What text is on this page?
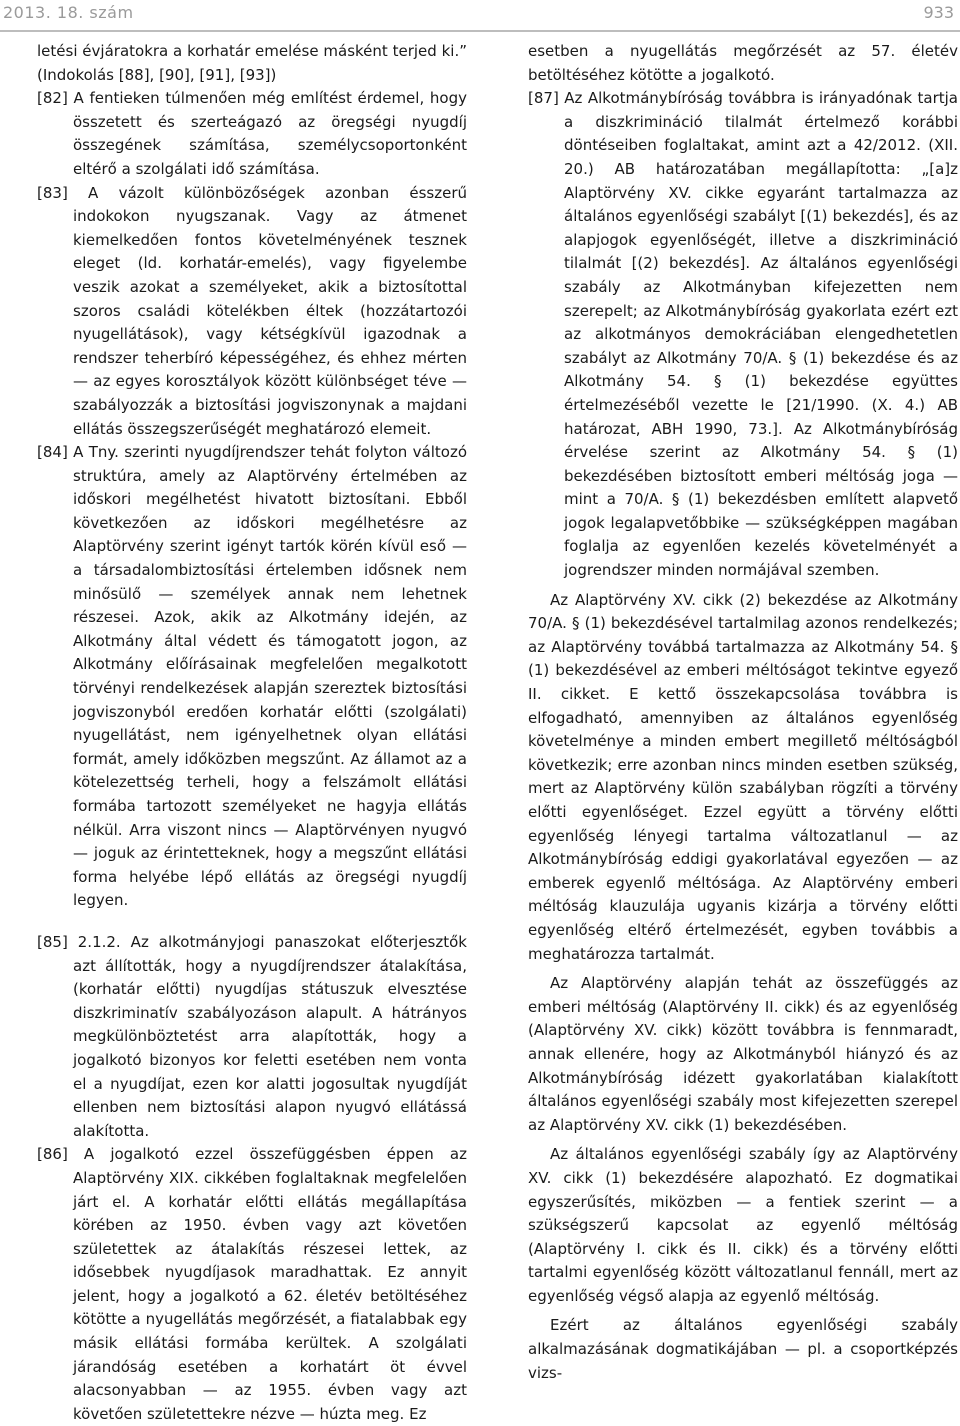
2013. 18. szám	933

letési évjáratokra a korhatár emelése másként terjed ki.” (Indokolás [88], [90], [91], [93])

[82] A fentieken túlmenően még említést érdemel, hogy összetett és szerteágazó az öregségi nyugdíj összegének számítása, személycsoportonként eltérő a szolgálati idő számítása.

[83] A vázolt különbözőségek azonban ésszerű indokokon nyugszanak. Vagy az átmenet kiemelkedően fontos követelményének tesznek eleget (ld. korhatár-emelés), vagy figyelembe veszik azokat a személyeket, akik a biztosítottal szoros családi kötelékben éltek (hozzátartozói nyugellátások), vagy kétségkívül igazodnak a rendszer teherbíró képességéhez, és ehhez mérten — az egyes korosztályok között különbséget téve — szabályozzák a biztosítási jogviszonynak a majdani ellátás összegszerűségét meghatározó elemeit.

[84] A Tny. szerinti nyugdíjrendszer tehát folyton változó struktúra, amely az Alaptörvény értelmében az időskori megélhetést hivatott biztosítani. Ebből következően az időskori megélhetésre az Alaptörvény szerint igényt tartók körén kívül eső — a társadalombiztosítási értelemben idősnek nem minősülő — személyek annak nem lehetnek részesei. Azok, akik az Alkotmány idején, az Alkotmány által védett és támogatott jogon, az Alkotmány előírásainak megfelelően megalkotott törvényi rendelkezések alapján szereztek biztosítási jogviszonyból eredően korhatár előtti (szolgálati) nyugellátást, nem igényelhetnek olyan ellátási formát, amely időközben megszűnt. Az államot az a kötelezettség terheli, hogy a felszámolt ellátási formába tartozott személyeket ne hagyja ellátás nélkül. Arra viszont nincs — Alaptörvényen nyugvó — joguk az érintetteknek, hogy a megszűnt ellátási forma helyébe lépő ellátás az öregségi nyugdíj legyen.

[85] 2.1.2. Az alkotmányjogi panaszokat előterjesztők azt állították, hogy a nyugdíjrendszer átalakítása, (korhatár előtti) nyugdíjas státuszuk elvesztése diszkriminatív szabályozáson alapult. A hátrányos megkülönböztetést arra alapították, hogy a jogalkotó bizonyos kor feletti esetében nem vonta el a nyugdíjat, ezen kor alatti jogosultak nyugdíját ellenben nem biztosítási alapon nyugvó ellátássá alakította.

[86] A jogalkotó ezzel összefüggésben éppen az Alaptörvény XIX. cikkében foglaltaknak megfelelően járt el. A korhatár előtti ellátás megállapítása körében az 1950. évben vagy azt követően születettek az átalakítás részesei lettek, az idősebbek nyugdíjasok maradhattak. Ez annyit jelent, hogy a jogalkotó a 62. életév betöltéséhez kötötte a nyugellátás megőrzését, a fiatalabbak egy másik ellátási formába kerültek. A szolgálati járandóság esetében a korhatárt öt évvel alacsonyabban — az 1955. évben vagy azt követően születettekre nézve — húzta meg. Ez

esetben a nyugellátás megőrzését az 57. életév betöltéséhez kötötte a jogalkotó.

[87] Az Alkotmánybíróság továbbra is irányadónak tartja a diszkrimináció tilalmát értelmező korábbi döntéseiben foglaltakat, amint azt a 42/2012. (XII. 20.) AB határozatában megállapította: „[a]z Alaptörvény XV. cikke egyaránt tartalmazza az általános egyenlőségi szabályt [(1) bekezdés], és az alapjogok egyenlőségét, illetve a diszkrimináció tilalmát [(2) bekezdés]. Az általános egyenlőségi szabály az Alkotmányban kifejezetten nem szerepelt; az Alkotmánybíróság gyakorlata ezért ezt az alkotmányos demokráciában elengedhetetlen szabályt az Alkotmány 70/A. § (1) bekezdése és az Alkotmány 54. § (1) bekezdése együttes értelmezéséből vezette le [21/1990. (X. 4.) AB határozat, ABH 1990, 73.]. Az Alkotmánybíróság érvelése szerint az Alkotmány 54. § (1) bekezdésében biztosított emberi méltóság joga — mint a 70/A. § (1) bekezdésben említett alapvető jogok legalapvetőbbike — szükségképpen magában foglalja az egyenlően kezelés követelményét a jogrendszer minden normájával szemben.

Az Alaptörvény XV. cikk (2) bekezdése az Alkotmány 70/A. § (1) bekezdésével tartalmilag azonos rendelkezés; az Alaptörvény továbbá tartalmazza az Alkotmány 54. § (1) bekezdésével az emberi méltóságot tekintve egyező II. cikket. E kettő összekapcsolása továbbra is elfogadható, amennyiben az általános egyenlőség követelménye a minden embert megillető méltóságból következik; erre azonban nincs minden esetben szükség, mert az Alaptörvény külön szabályban rögzíti a törvény előtti egyenlőséget. Ezzel együtt a törvény előtti egyenlőség lényegi tartalma változatlanul — az Alkotmánybíróság eddigi gyakorlatával egyezően — az emberek egyenlő méltósága. Az Alaptörvény emberi méltóság klauzulája ugyanis kizárja a törvény előtti egyenlőség eltérő értelmezését, egyben továbbis a meghatározza tartalmát.

Az Alaptörvény alapján tehát az összefüggés az emberi méltóság (Alaptörvény II. cikk) és az egyenlőség (Alaptörvény XV. cikk) között továbbra is fennmaradt, annak ellenére, hogy az Alkotmányból hiányzó és az Alkotmánybíróság idézett gyakorlatában kialakított általános egyenlőségi szabály most kifejezetten szerepel az Alaptörvény XV. cikk (1) bekezdésében.

Az általános egyenlőségi szabály így az Alaptörvény XV. cikk (1) bekezdésére alapozható. Ez dogmatikai egyszerűsítés, miközben — a fentiek szerint — a szükségszerű kapcsolat az egyenlő méltóság (Alaptörvény I. cikk és II. cikk) és a törvény előtti tartalmi egyenlőség között változatlanul fennáll, mert az egyenlőség végső alapja az egyenlő méltóság.

Ezért az általános egyenlőségi szabály alkalmazásának dogmatikájában — pl. a csoportképzés vizs-
